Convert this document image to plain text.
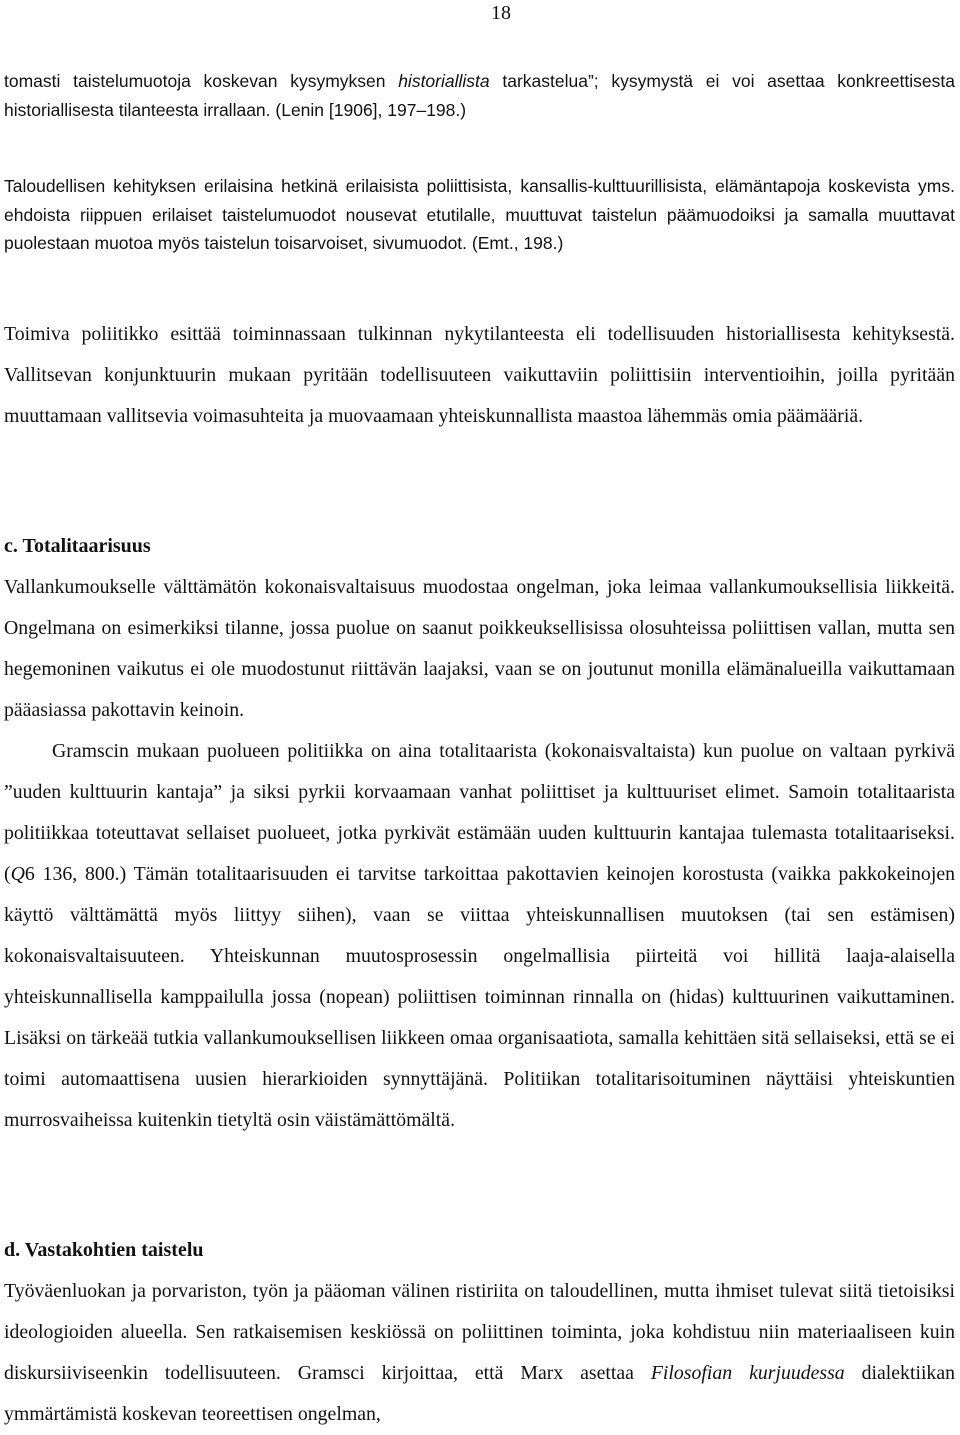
18

tomasti taistelumuotoja koskevan kysymyksen historiallista tarkastelua”; kysymystä ei voi asettaa konkreettisesta historiallisesta tilanteesta irrallaan. (Lenin [1906], 197–198.)

Taloudellisen kehityksen erilaisina hetkinä erilaisista poliittisista, kansallis-kulttuurillisista, elämäntapoja koskevista yms. ehdoista riippuen erilaiset taistelumuodot nousevat etutilalle, muuttuvat taistelun päämuodoiksi ja samalla muuttavat puolestaan muotoa myös taistelun toisarvoiset, sivumuodot. (Emt., 198.)

Toimiva poliitikko esittää toiminnassaan tulkinnan nykytilanteesta eli todellisuuden historiallisesta kehityksestä. Vallitsevan konjunktuurin mukaan pyritään todellisuuteen vaikuttaviin poliittisiin interventioihin, joilla pyritään muuttamaan vallitsevia voimasuhteita ja muovaamaan yhteiskunnallista maastoa lähemmäs omia päämääriä.

c. Totalitaarisuus

Vallankumoukselle välttämätön kokonaisvaltaisuus muodostaa ongelman, joka leimaa vallankumouksellisia liikkeitä. Ongelmana on esimerkiksi tilanne, jossa puolue on saanut poikkeuksellisissa olosuhteissa poliittisen vallan, mutta sen hegemoninen vaikutus ei ole muodostunut riittävän laajaksi, vaan se on joutunut monilla elämänalueilla vaikuttamaan pääasiassa pakottavin keinoin.

Gramscin mukaan puolueen politiikka on aina totalitaarista (kokonaisvaltaista) kun puolue on valtaan pyrkivä ”uuden kulttuurin kantaja” ja siksi pyrkii korvaamaan vanhat poliittiset ja kulttuuriset elimet. Samoin totalitaarista politiikkaa toteuttavat sellaiset puolueet, jotka pyrkivät estämään uuden kulttuurin kantajaa tulemasta totalitaariseksi. (Q6 136, 800.) Tämän totalitaarisuuden ei tarvitse tarkoittaa pakottavien keinojen korostusta (vaikka pakkokeinojen käyttö välttämättä myös liittyy siihen), vaan se viittaa yhteiskunnallisen muutoksen (tai sen estämisen) kokonaisvaltaisuuteen. Yhteiskunnan muutosprosessin ongelmallisia piirteitä voi hillitä laaja-alaisella yhteiskunnallisella kamppailulla jossa (nopean) poliittisen toiminnan rinnalla on (hidas) kulttuurinen vaikuttaminen. Lisäksi on tärkeää tutkia vallankumouksellisen liikkeen omaa organisaatiota, samalla kehittäen sitä sellaiseksi, että se ei toimi automaattisena uusien hierarkioiden synnyttäjänä. Politiikan totalitarisoituminen näyttäisi yhteiskuntien murrosvaiheissa kuitenkin tietyltä osin väistämättömältä.

d. Vastakohtien taistelu

Työväenluokan ja porvariston, työn ja pääoman välinen ristiriita on taloudellinen, mutta ihmiset tulevat siitä tietoisiksi ideologioiden alueella. Sen ratkaisemisen keskiössä on poliittinen toiminta, joka kohdistuu niin materiaaliseen kuin diskursiiviseenkin todellisuuteen. Gramsci kirjoittaa, että Marx asettaa Filosofian kurjuudessa dialektiikan ymmärtämistä koskevan teoreettisen ongelman,
